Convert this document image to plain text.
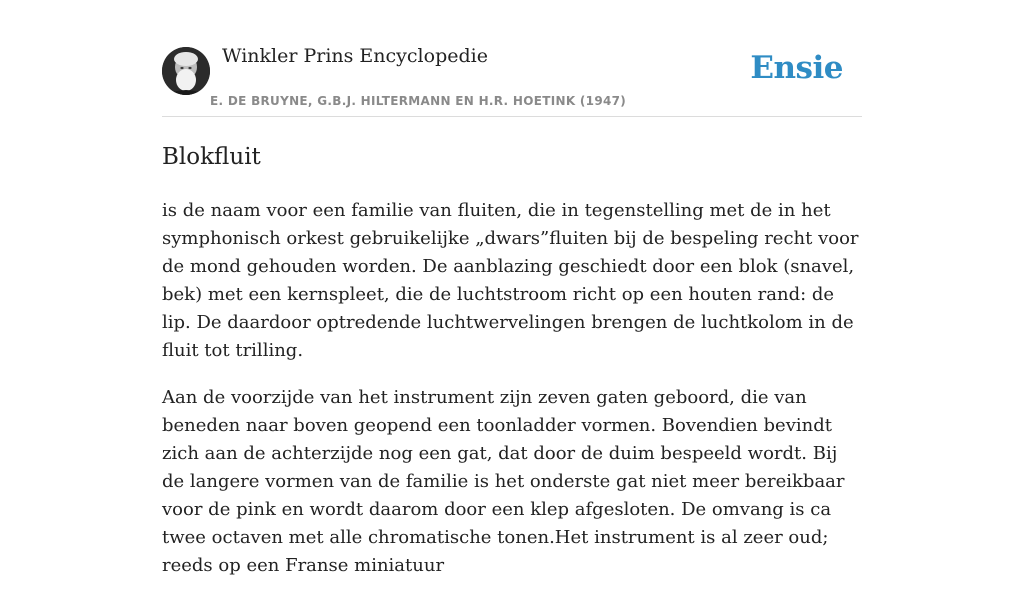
Winkler Prins Encyclopedie
E. DE BRUYNE, G.B.J. HILTERMANN EN H.R. HOETINK (1947)
Ensie
Blokfluit

is de naam voor een familie van fluiten, die in tegenstelling met de in het symphonisch orkest gebruikelijke „dwars”fluiten bij de bespeling recht voor de mond gehouden worden. De aanblazing geschiedt door een blok (snavel, bek) met een kernspleet, die de luchtstroom richt op een houten rand: de lip. De daardoor optredende luchtwervelingen brengen de luchtkolom in de fluit tot trilling.

Aan de voorzijde van het instrument zijn zeven gaten geboord, die van beneden naar boven geopend een toonladder vormen. Bovendien bevindt zich aan de achterzijde nog een gat, dat door de duim bespeeld wordt. Bij de langere vormen van de familie is het onderste gat niet meer bereikbaar voor de pink en wordt daarom door een klep afgesloten. De omvang is ca twee octaven met alle chromatische tonen.Het instrument is al zeer oud; reeds op een Franse miniatuur
